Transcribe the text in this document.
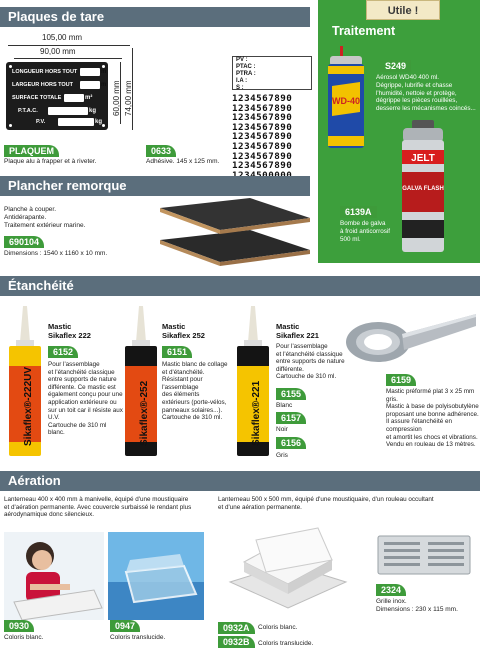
Plaques de tare
105,00 mm
90,00 mm
LONGUEUR HORS TOUT
LARGEUR HORS TOUT
SURFACE TOTALE
P.T.A.C.
P.V.
m
m
m²
kg
kg
60,00 mm 74,00 mm
PV :
PTAC :
PTRA :
I.A :
S :
1234567890
1234567890
1234567890
1234567890
1234567890
1234567890
1234567890
1234567890
PLAQUEM
Plaque alu à frapper et à riveter.
0633
Adhésive. 145 x 125 mm.
Utile !
Traitement
WD-40
S249
Aérosol WD40 400 ml.
Dégrippe, lubrifie et chasse
l'humidité, nettoie et protège,
dégrippe les pièces rouillées,
desserre les mécanismes coincés...
JELT
GALVA FLASH
6139A
Bombe de galva
à froid anticorrosif
500 ml.
Plancher remorque
Planche à couper.
Antidérapante.
Traitement extérieur marine.
690104
Dimensions : 1540 x 1160 x 10 mm.
Étanchéité
Sikaflex®-222UV
Mastic
Sikaflex 222
6152
Pour l'assemblage
et l'étanchéité classique
entre supports de nature
différente. Ce mastic est
également conçu pour une
application extérieure ou
sur un toit car il résiste aux
U.V.
Cartouche de 310 ml
blanc.	Sikaflex®-252
Mastic
Sikaflex 252
6151
Mastic blanc de collage
et d'étanchéité.
Résistant pour
l'assemblage
des éléments
extérieurs (porte-vélos,
panneaux solaires...).
Cartouche de 310 ml.	Sikaflex®-221
Mastic
Sikaflex 221
Pour l'assemblage
et l'étanchéité classique
entre supports de nature
différente.
Cartouche de 310 ml.
6155
Blanc
6157
Noir
6156
Gris
6159
Mastic préformé plat 3 x 25 mm gris.
Mastic à base de polyisobutylène
proposant une bonne adhérence.
Il assure l'étanchéité en compression
et amortit les chocs et vibrations.
Vendu en rouleau de 13 mètres.
Aération
Lanterneau 400 x 400 mm à manivelle, équipé d'une moustiquaire
et d'aération permanente. Avec couvercle surbaissé le rendant plus
aérodynamique donc silencieux.
Lanterneau 500 x 500 mm, équipé d'une moustiquaire, d'un rouleau occultant
et d'une aération permanente.
0930
Coloris blanc.
0947
Coloris translucide.
0932A	Coloris blanc.
0932B	Coloris translucide.
2324
Grille inox.
Dimensions : 230 x 115 mm.
